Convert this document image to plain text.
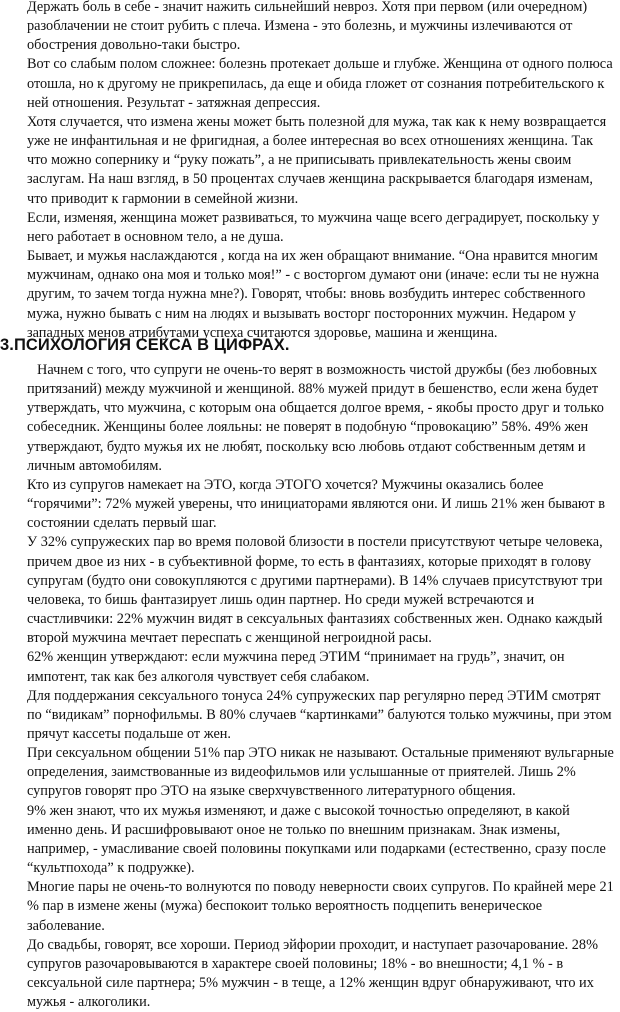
Держать боль в себе - значит нажить сильнейший невроз. Хотя при первом (или очередном) разоблачении не стоит рубить с плеча. Измена - это болезнь, и мужчины излечиваются от обострения довольно-таки быстро.

Вот со слабым полом сложнее: болезнь протекает дольше и глубже. Женщина от одного полюса отошла, но к другому не прикрепилась, да еще и обида гложет от сознания потребительского к ней отношения. Результат - затяжная депрессия.

Хотя случается, что измена жены может быть полезной для мужа, так как к нему возвращается уже не инфантильная и не фригидная, а более интересная во всех отношениях женщина. Так что можно сопернику и “руку пожать”, а не приписывать привлекательность жены своим заслугам. На наш взгляд, в 50 процентах случаев женщина раскрывается благодаря изменам, что приводит к гармонии в семейной жизни.

Если, изменяя, женщина может развиваться, то мужчина чаще всего деградирует, поскольку у него работает в основном тело, а не душа.

Бывает, и мужья наслаждаются , когда на их жен обращают внимание. “Она нравится многим мужчинам, однако она моя и только моя!” - с восторгом думают они (иначе: если ты не нужна другим, то зачем тогда нужна мне?). Говорят, чтобы: вновь возбудить интерес собственного мужа, нужно бывать с ним на людях и вызывать восторг посторонних мужчин. Недаром у западных менов атрибутами успеха считаются здоровье, машина и женщина.

3.ПСИХОЛОГИЯ СЕКСА В ЦИФРАХ.

Начнем с того, что супруги не очень-то верят в возможность чистой дружбы (без любовных притязаний) между мужчиной и женщиной. 88% мужей придут в бешенство, если жена будет утверждать, что мужчина, с которым она общается долгое время, - якобы просто друг и только собеседник. Женщины более лояльны: не поверят в подобную “провокацию” 58%. 49% жен утверждают, будто мужья их не любят, поскольку всю любовь отдают собственным детям и личным автомобилям.

Кто из супругов намекает на ЭТО, когда ЭТОГО хочется? Мужчины оказались более “горячими”: 72% мужей уверены, что инициаторами являются они. И лишь 21% жен бывают в состоянии сделать первый шаг.

У 32% супружеских пар во время половой близости в постели присутствуют четыре человека, причем двое из них - в субъективной форме, то есть в фантазиях, которые приходят в голову супругам (будто они совокупляются с другими партнерами). В 14% случаев присутствуют три человека, то бишь фантазирует лишь один партнер. Но среди мужей встречаются и счастливчики: 22% мужчин видят в сексуальных фантазиях собственных жен. Однако каждый второй мужчина мечтает переспать с женщиной негроидной расы.

62% женщин утверждают: если мужчина перед ЭТИМ “принимает на грудь”, значит, он импотент, так как без алкоголя чувствует себя слабаком.

Для поддержания сексуального тонуса 24% супружеских пар регулярно перед ЭТИМ смотрят по “видикам” порнофильмы. В 80% случаев “картинками” балуются только мужчины, при этом прячут кассеты подальше от жен.

При сексуальном общении 51% пар ЭТО никак не называют. Остальные применяют вульгарные определения, заимствованные из видеофильмов или услышанные от приятелей. Лишь 2% супругов говорят про ЭТО на языке сверхчувственного литературного общения.

9% жен знают, что их мужья изменяют, и даже с высокой точностью определяют, в какой именно день. И расшифровывают оное не только по внешним признакам. Знак измены, например, - умасливание своей половины покупками или подарками (естественно, сразу после “культпохода” к подружке).

Многие пары не очень-то волнуются по поводу неверности своих супругов. По крайней мере 21 % пар в измене жены (мужа) беспокоит только вероятность подцепить венерическое заболевание.

До свадьбы, говорят, все хороши. Период эйфории проходит, и наступает разочарование. 28% супругов разочаровываются в характере своей половины; 18% - во внешности; 4,1 % - в сексуальной силе партнера; 5% мужчин - в теще, а 12% женщин вдруг обнаруживают, что их мужья - алкоголики.
